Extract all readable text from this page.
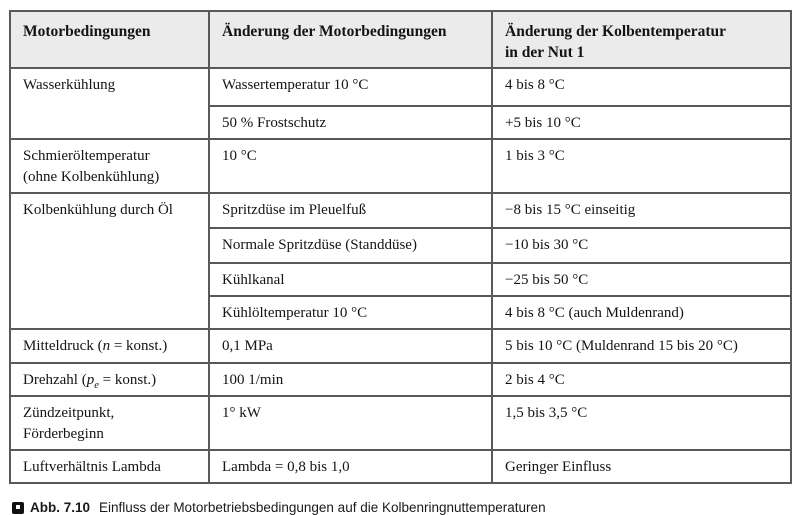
Motorbedingungen	Änderung der Motorbedingungen	Änderung der Kolbentemperatur
in der Nut 1

Wasserkühlung	Wassertemperatur 10 °C	4 bis 8 °C
	50 % Frostschutz	+5 bis 10 °C

Schmieröltemperatur
(ohne Kolbenkühlung)	10 °C	1 bis 3 °C
Kolbenkühlung durch Öl	Spritzdüse im Pleuelfuß	−8 bis 15 °C einseitig
	Normale Spritzdüse (Standdüse)	−10 bis 30 °C
	Kühlkanal	−25 bis 50 °C
	Kühlöltemperatur 10 °C	4 bis 8 °C (auch Muldenrand)
Mitteldruck (n = konst.)	0,1 MPa	5 bis 10 °C (Muldenrand 15 bis 20 °C)
Drehzahl ($p_e$ = konst.)	100 1/min	2 bis 4 °C

Zündzeitpunkt,
Förderbeginn	1° kW	1,5 bis 3,5 °C
Luftverhältnis Lambda	Lambda = 0,8 bis 1,0	Geringer Einfluss
Abb. 7.10 Einfluss der Motorbetriebsbedingungen auf die Kolbenringnuttemperaturen
